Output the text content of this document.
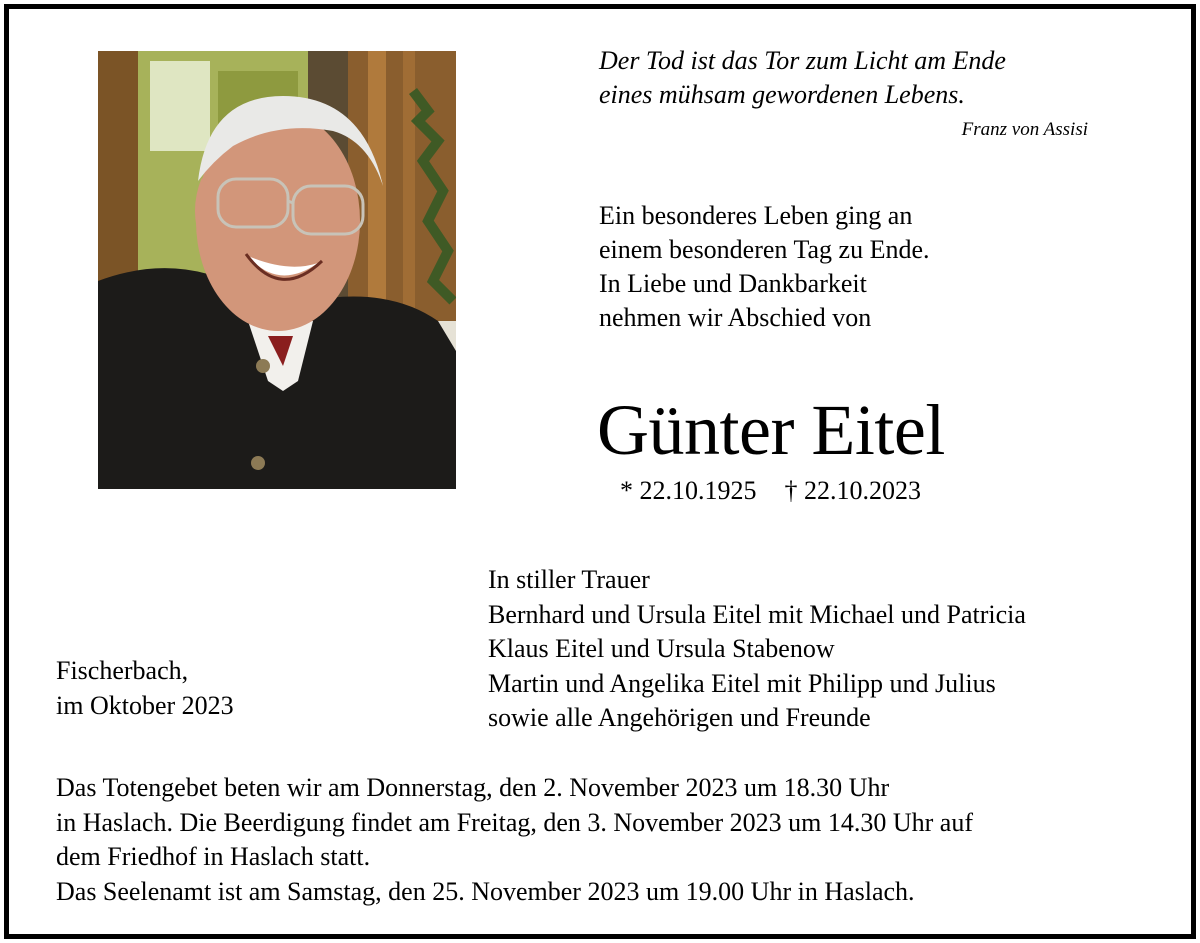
Der Tod ist das Tor zum Licht am Ende
eines mühsam gewordenen Lebens.
Franz von Assisi
Ein besonderes Leben ging an
einem besonderen Tag zu Ende.
In Liebe und Dankbarkeit
nehmen wir Abschied von
Günter Eitel
* 22.10.1925 † 22.10.2023
Fischerbach,
im Oktober 2023
In stiller Trauer
Bernhard und Ursula Eitel mit Michael und Patricia
Klaus Eitel und Ursula Stabenow
Martin und Angelika Eitel mit Philipp und Julius
sowie alle Angehörigen und Freunde
Das Totengebet beten wir am Donnerstag, den 2. November 2023 um 18.30 Uhr
in Haslach. Die Beerdigung findet am Freitag, den 3. November 2023 um 14.30 Uhr auf
dem Friedhof in Haslach statt.
Das Seelenamt ist am Samstag, den 25. November 2023 um 19.00 Uhr in Haslach.
